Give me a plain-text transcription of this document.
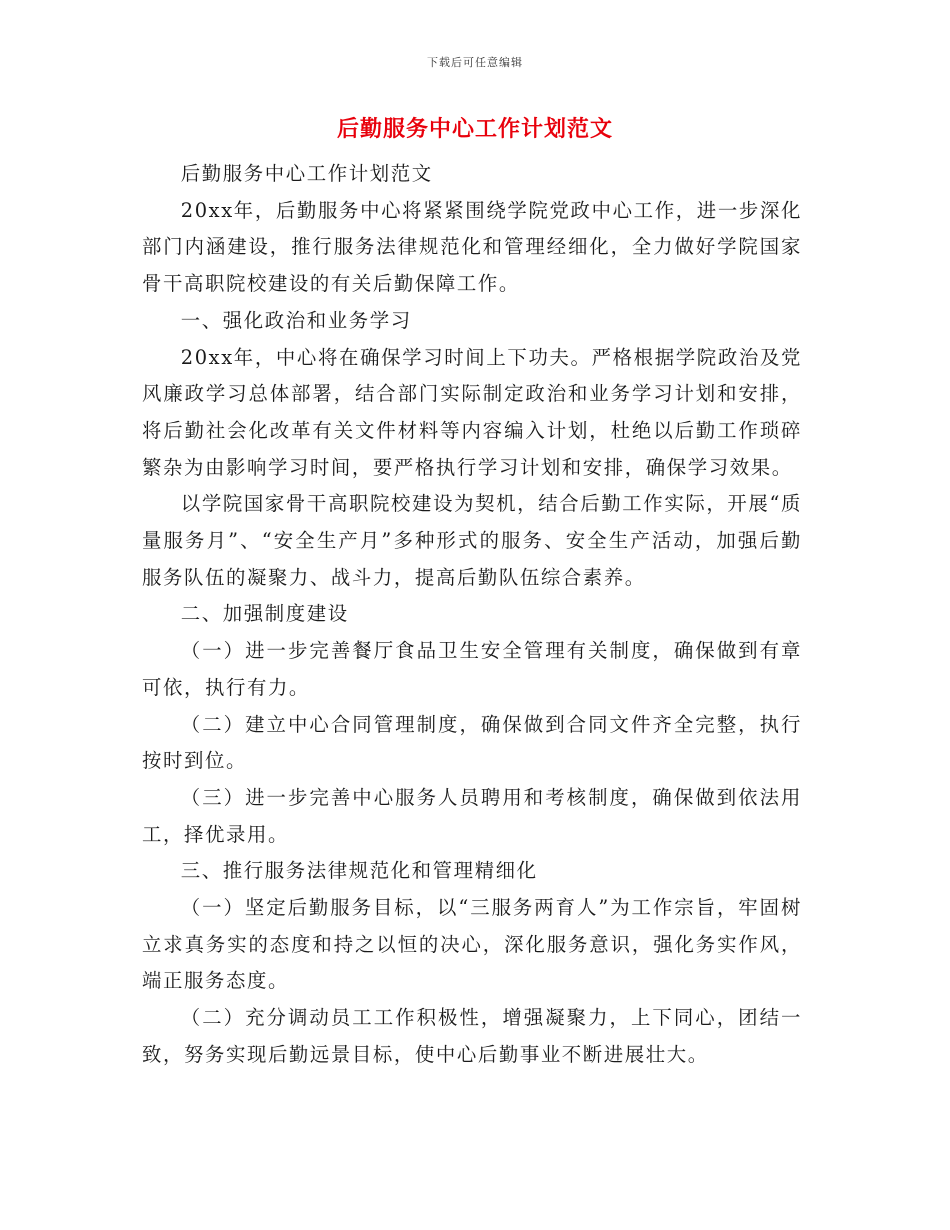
下载后可任意编辑
后勤服务中心工作计划范文

后勤服务中心工作计划范文

20xx年，后勤服务中心将紧紧围绕学院党政中心工作，进一步深化部门内涵建设，推行服务法律规范化和管理经细化，全力做好学院国家骨干高职院校建设的有关后勤保障工作。

一、强化政治和业务学习

20xx年，中心将在确保学习时间上下功夫。严格根据学院政治及党风廉政学习总体部署，结合部门实际制定政治和业务学习计划和安排，将后勤社会化改革有关文件材料等内容编入计划，杜绝以后勤工作琐碎繁杂为由影响学习时间，要严格执行学习计划和安排，确保学习效果。

以学院国家骨干高职院校建设为契机，结合后勤工作实际，开展“质量服务月”、“安全生产月”多种形式的服务、安全生产活动，加强后勤服务队伍的凝聚力、战斗力，提高后勤队伍综合素养。

二、加强制度建设

（一）进一步完善餐厅食品卫生安全管理有关制度，确保做到有章可依，执行有力。

（二）建立中心合同管理制度，确保做到合同文件齐全完整，执行按时到位。

（三）进一步完善中心服务人员聘用和考核制度，确保做到依法用工，择优录用。

三、推行服务法律规范化和管理精细化

（一）坚定后勤服务目标，以“三服务两育人”为工作宗旨，牢固树立求真务实的态度和持之以恒的决心，深化服务意识，强化务实作风，端正服务态度。

（二）充分调动员工工作积极性，增强凝聚力，上下同心，团结一致，努务实现后勤远景目标，使中心后勤事业不断进展壮大。
